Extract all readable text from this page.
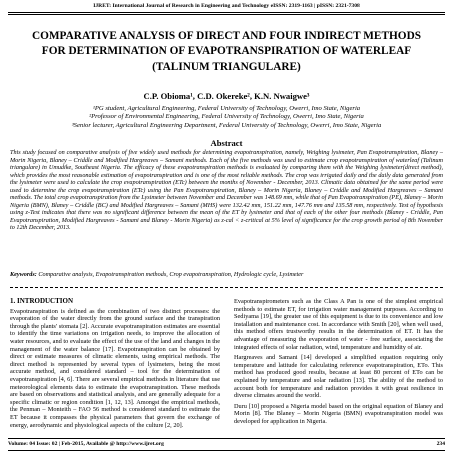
IJRET: International Journal of Research in Engineering and Technology eISSN: 2319-1163 | pISSN: 2321-7308
COMPARATIVE ANALYSIS OF DIRECT AND FOUR INDIRECT METHODS FOR DETERMINATION OF EVAPOTRANSPIRATION OF WATERLEAF (TALINUM TRIANGULARE)
C.P. Obioma¹, C.D. Okereke², K.N. Nwaigwe³
¹PG student, Agricultural Engineering, Federal University of Technology, Owerri, Imo State, Nigeria
²Professor of Environmental Engineering, Federal University of Technology, Owerri, Imo State, Nigeria
³Senior lecturer, Agricultural Engineering Department, Federal University of Technology, Owerri, Imo State, Nigeria
Abstract
This study focused on comparative analysis of five widely used methods for determining evapotranspiration, namely, Weighing lysimeter, Pan Evapotranspiration, Blaney – Morin Nigeria, Blaney – Criddle and Modified Hargreaves – Samani methods. Each of the five methods was used to estimate crop evapotranspiration of waterleaf (Talinum triangulare) in Umudike, Southeast Nigeria. The efficacy of these evapotranspiration methods is evaluated by comparing them with the Weighing lysimeter(direct method), which provides the most reasonable estimation of evapotranspiration and is one of the most reliable methods. The crop was irrigated daily and the daily data generated from the lysimeter were used to calculate the crop evapotranspiration (ETc) between the months of November - December, 2013. Climatic data obtained for the same period were used to determine the crop evapotranspiration (ETc) using the Pan Evapotranspiration, Blaney – Morin Nigeria, Blaney – Criddle and Modified Hargreaves – Samani methods. The total crop evapotranspiration from the Lysimeter between November and December was 148.69 mm, while that of Pan Evapotranspiration (PE), Blaney – Morin Nigeria (BMN), Blaney – Criddle (BC) and Modified Hargreaves – Samani (MHS) were 132.42 mm, 151.22 mm, 147.76 mm and 135.58 mm, respectively. Test of hypothesis using z-Test indicates that there was no significant difference between the mean of the ET by lysimeter and that of each of the other four methods (Blaney - Criddle, Pan Evapotranspiration, Modified Hargreaves - Samani and Blaney - Morin Nigeria) as z-cal < z-critical at 5% level of significance for the crop growth period of 8th November to 12th December, 2013.
Keywords: Comparative analysis, Evapotranspiration methods, Crop evapotranspiration, Hydrologic cycle, Lysimeter
1. INTRODUCTION

Evapotranspiration is defined as the combination of two distinct processes: the evaporation of the water directly from the ground surface and the transpiration through the plants' stomata [2]. Accurate evapotranspiration estimates are essential to identify the time variations on irrigation needs, to improve the allocation of water resources, and to evaluate the effect of the use of the land and changes in the management of the water balance [17]. Evapotranspiration can be obtained by direct or estimate measures of climatic elements, using empirical methods. The direct method is represented by several types of lysimeters, being the most accurate method, and considered standard – tool for the determination of evapotranspiration [4, 6]. There are several empirical methods in literature that use meteorological elements data to estimate the evapotranspiration. These methods are based on observations and statistical analysis, and are generally adequate for a specific climatic or region condition [1, 12, 13]. Amongst the empirical methods, the Penman – Monteith – FAO 56 method is considered standard to estimate the ET because it compasses the physical parameters that govern the exchange of energy, aerodynamic and physiological aspects of the culture [2, 20].

Evapotranspirometers such as the Class A Pan is one of the simplest empirical methods to estimate ET, for irrigation water management purposes. According to Sediyama [19], the greater use of this equipment is due to its convenience and low installation and maintenance cost. In accordance with Smith [20], when well used, this method offers trustworthy results in the determination of ET. It has the advantage of measuring the evaporation of water - free surface, associating the integrated effects of solar radiation, wind, temperature and humidity of air.

Hargreaves and Samani [14] developed a simplified equation requiring only temperature and latitude for calculating reference evapotranspiration, ETo. This method has produced good results, because at least 80 percent of ETo can be explained by temperature and solar radiation [13]. The ability of the method to account both for temperature and radiation provides it with great resilience in diverse climates around the world.

Duru [10] proposed a Nigeria model based on the original equation of Blaney and Morin [8]. The Blaney – Morin Nigeria (BMN) evapotranspiration model was developed for application in Nigeria.

Volume: 04 Issue: 02 | Feb-2015, Available @ http://www.ijret.org	234
